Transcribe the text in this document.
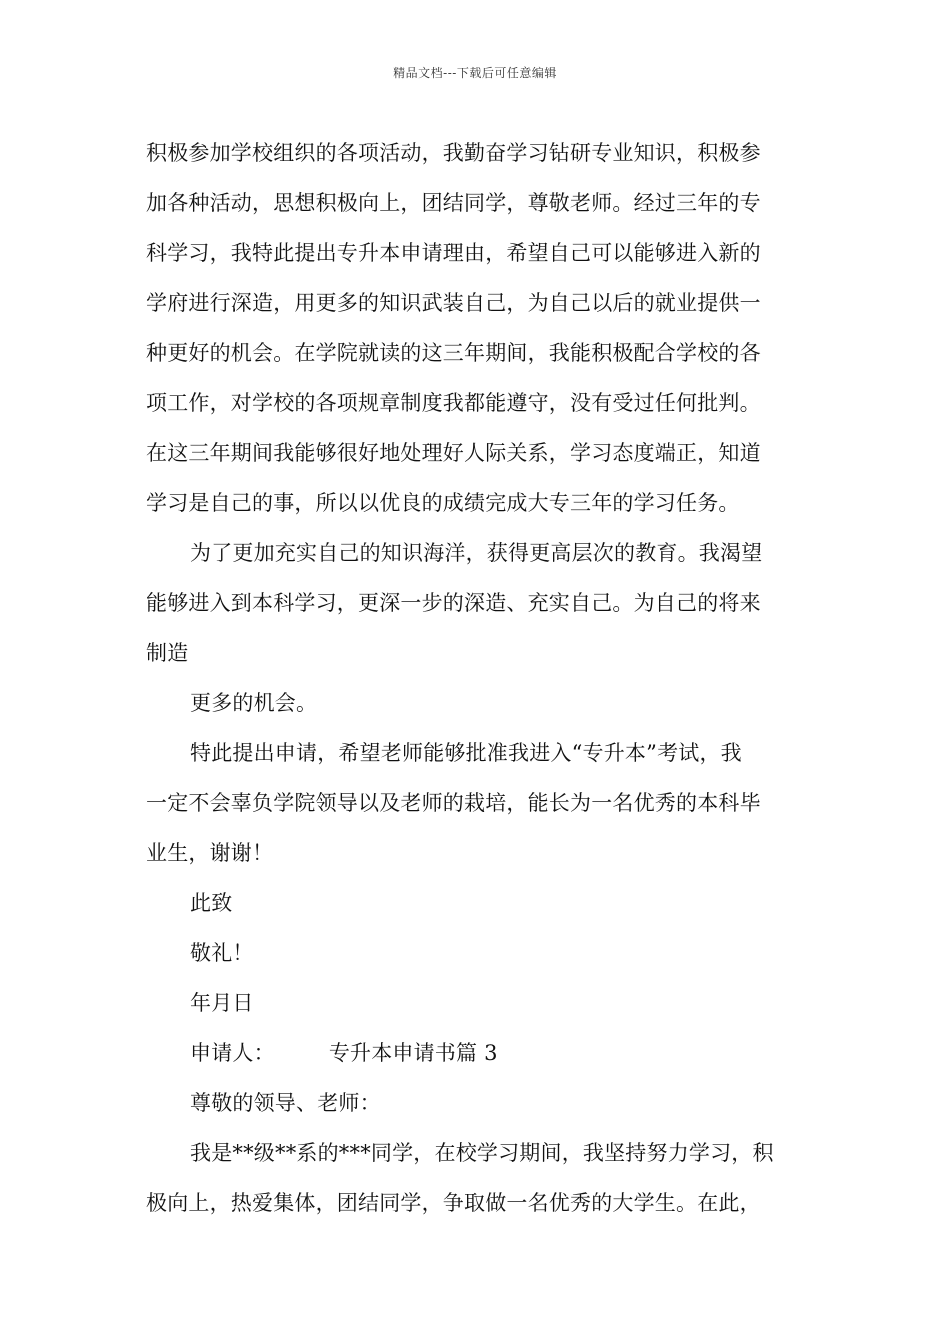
精品文档---下载后可任意编辑
积极参加学校组织的各项活动，我勤奋学习钻研专业知识，积极参
加各种活动，思想积极向上，团结同学，尊敬老师。经过三年的专
科学习，我特此提出专升本申请理由，希望自己可以能够进入新的
学府进行深造，用更多的知识武装自己，为自己以后的就业提供一
种更好的机会。在学院就读的这三年期间，我能积极配合学校的各
项工作，对学校的各项规章制度我都能遵守，没有受过任何批判。
在这三年期间我能够很好地处理好人际关系，学习态度端正，知道
学习是自己的事，所以以优良的成绩完成大专三年的学习任务。
为了更加充实自己的知识海洋，获得更高层次的教育。我渴望
能够进入到本科学习，更深一步的深造、充实自己。为自己的将来
制造
更多的机会。
特此提出申请，希望老师能够批准我进入“专升本”考试，我
一定不会辜负学院领导以及老师的栽培，能长为一名优秀的本科毕
业生，谢谢！
此致
敬礼！
年月日
申请人：	专升本申请书篇 3
尊敬的领导、老师：
我是**级**系的***同学，在校学习期间，我坚持努力学习，积
极向上，热爱集体，团结同学，争取做一名优秀的大学生。在此，
